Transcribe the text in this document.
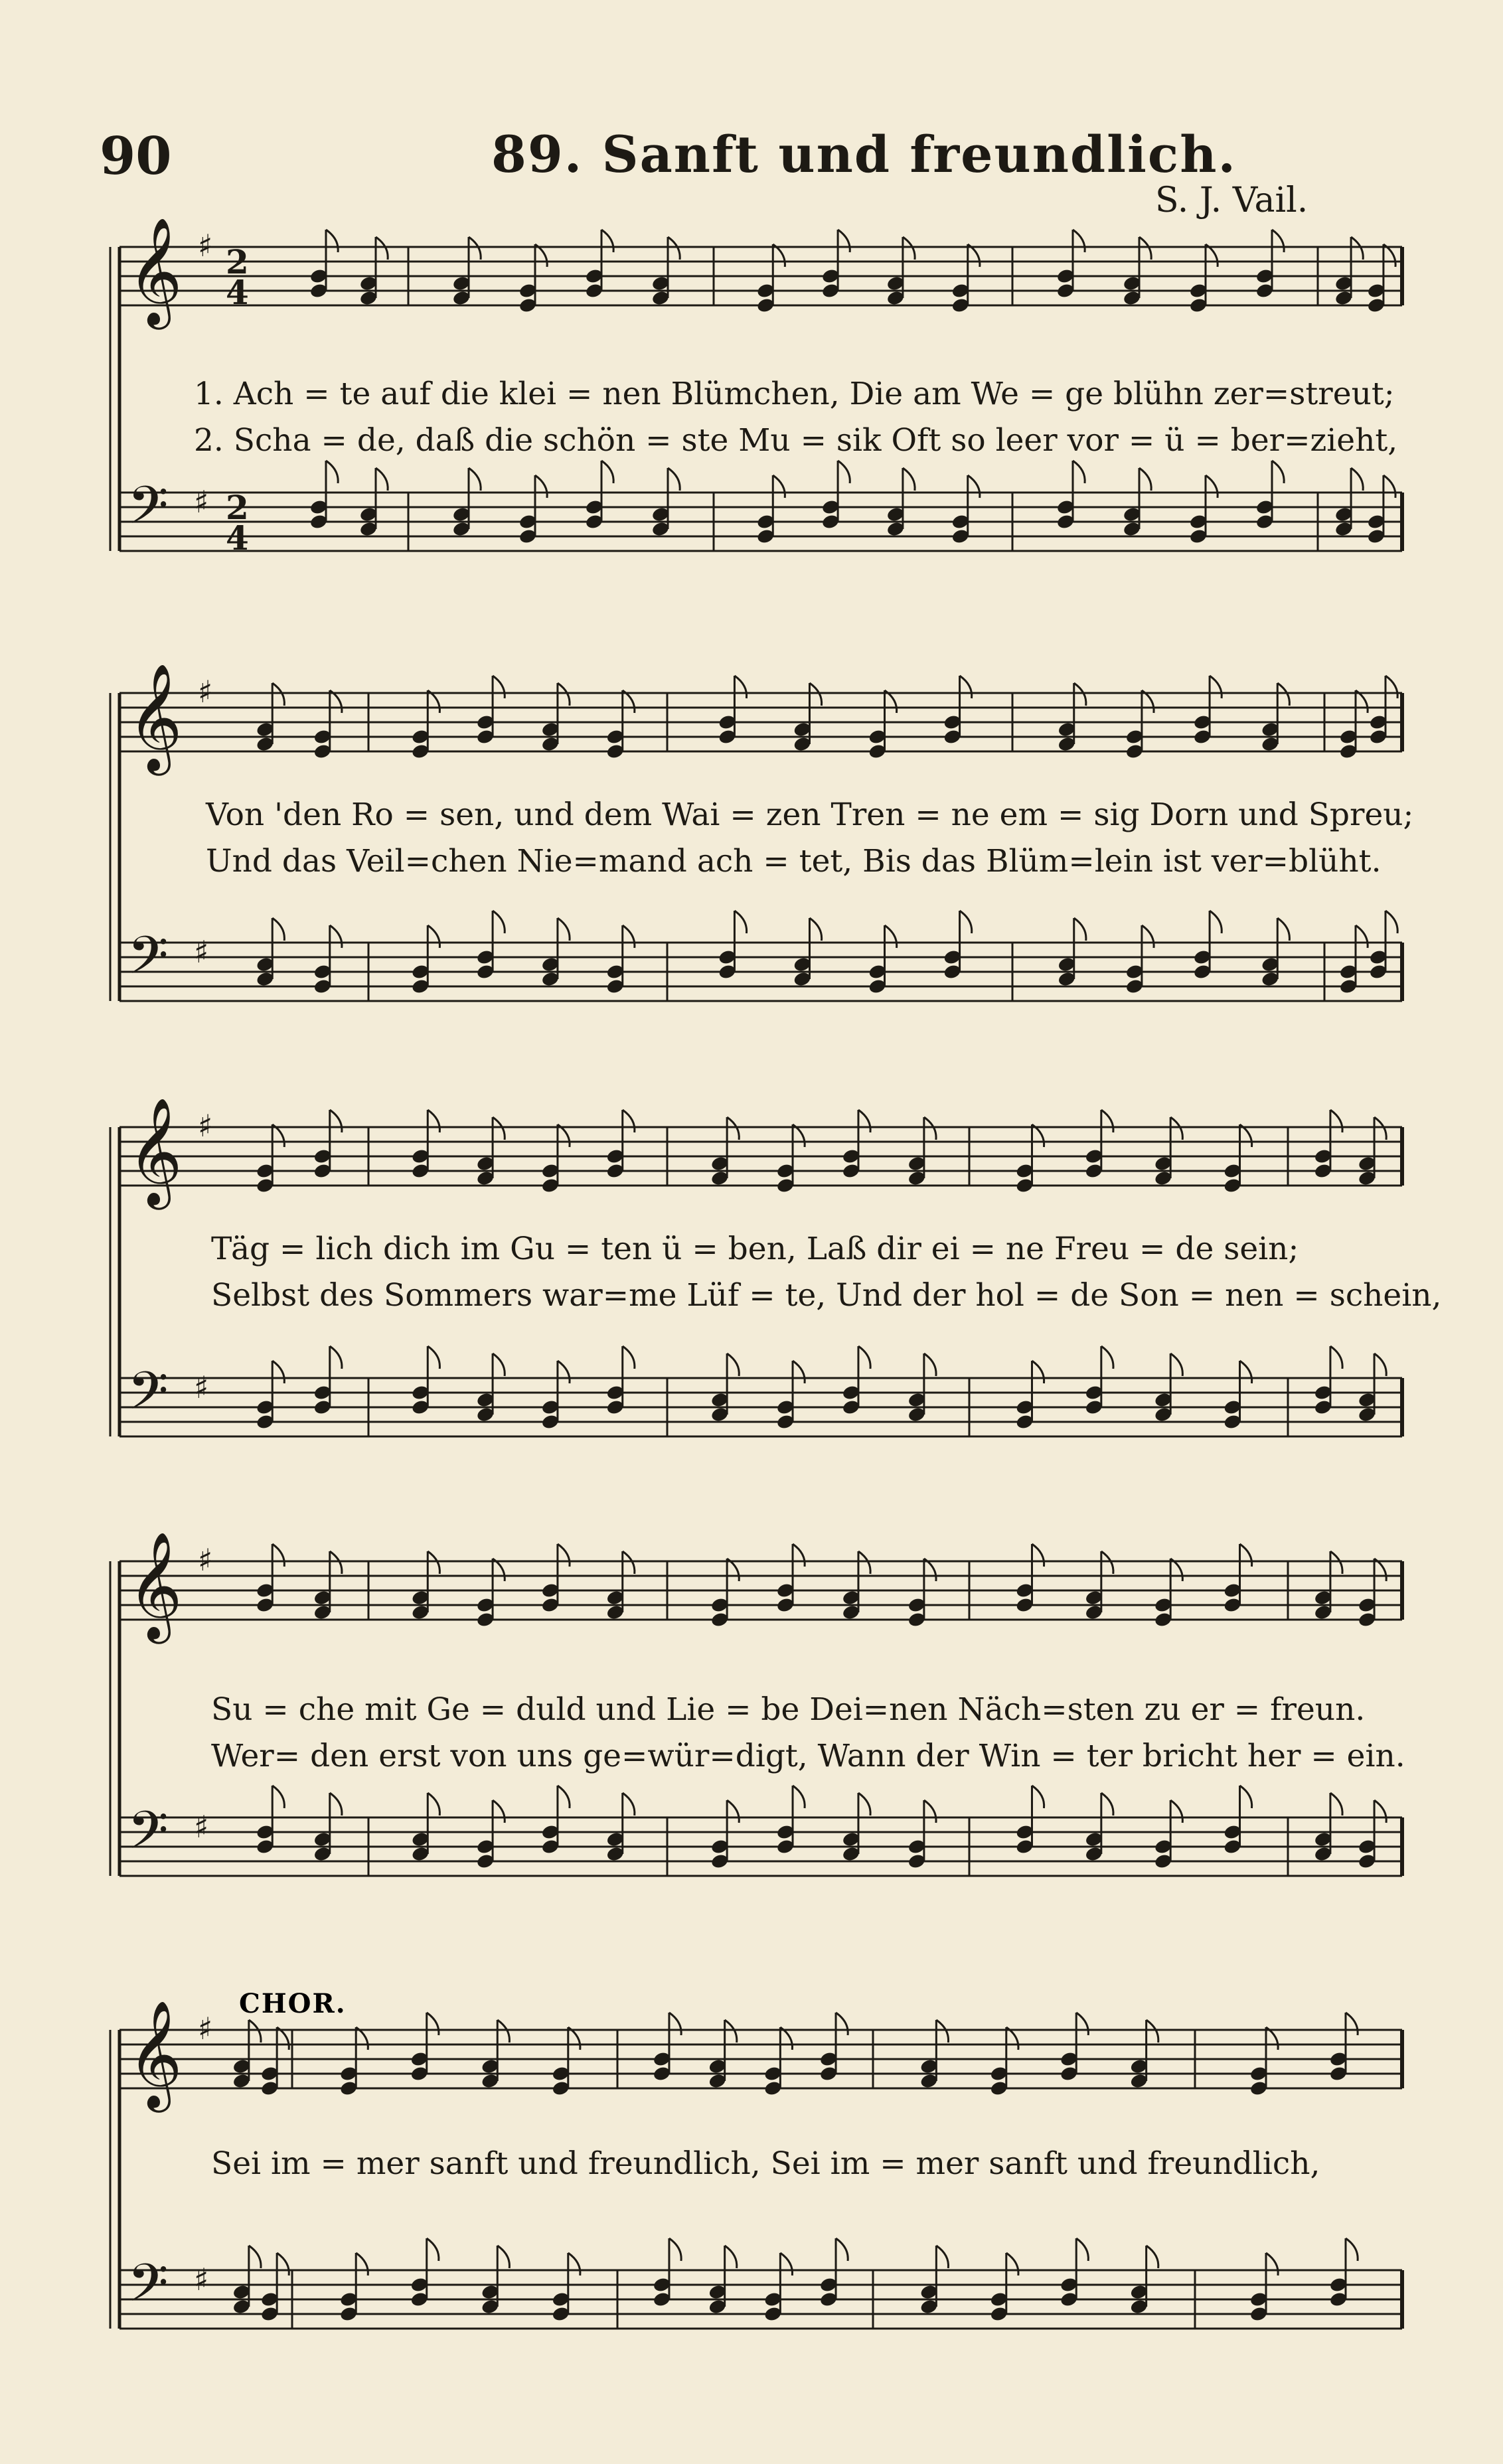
90	89. Sanft und freundlich.
S. J. Vail.
1. Ach = te auf die klei = nen Blümchen, Die am We = ge blühn zer=streut;
2. Scha = de, daß die schön = ste Mu = sik Oft so leer vor = ü = ber=zieht,
Von 'den Ro = sen, und dem Wai = zen Tren = ne em = sig Dorn und Spreu;
Und das Veil=chen Nie=mand ach = tet, Bis das Blüm=lein ist ver=blüht.
Täg = lich dich im Gu = ten ü = ben, Laß dir ei = ne Freu = de sein;
Selbst des Sommers war=me Lüf = te, Und der hol = de Son = nen = schein,
Su = che mit Ge = duld und Lie = be Dei=nen Näch=sten zu er = freun.
Wer= den erst von uns ge=wür=digt, Wann der Win = ter bricht her = ein.
Sei im = mer sanft und freundlich, Sei im = mer sanft und freundlich,
𝄞 ♯ 2
4
𝄢 ♯ 2
4
𝄞 ♯
𝄢 ♯
𝄞 ♯
𝄢 ♯
𝄞 ♯
𝄢 ♯
𝄞 ♯
𝄢 ♯
CHOR.
